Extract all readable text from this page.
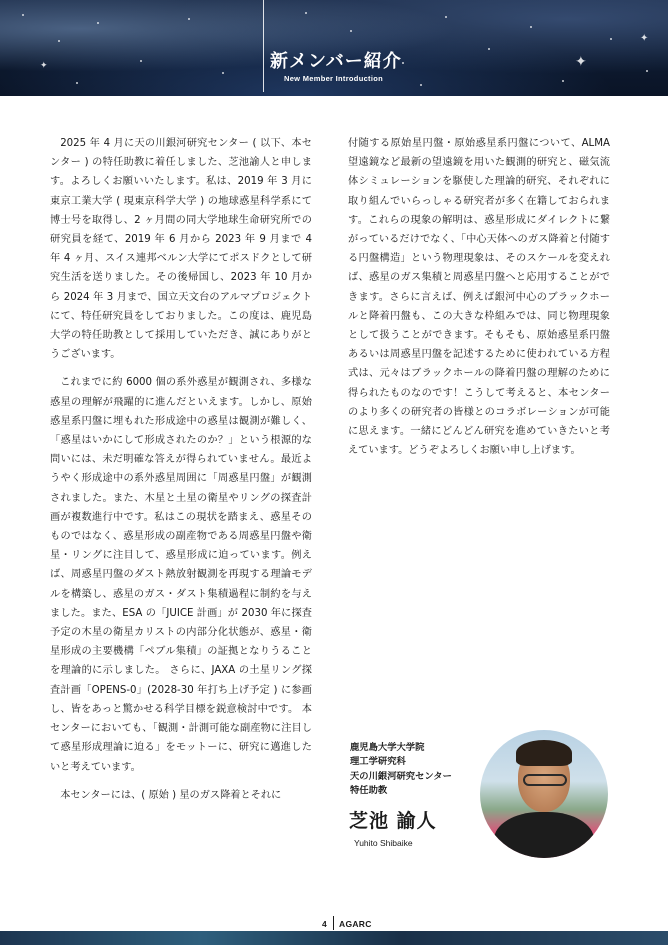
✦
✦
✦	新メンバー紹介
New Member Introduction

2025 年 4 月に天の川銀河研究センター ( 以下、本センター ) の特任助教に着任しました、芝池諭人と申します。よろしくお願いいたします。私は、2019 年 3 月に東京工業大学 ( 現東京科学大学 ) の地球惑星科学系にて博士号を取得し、2 ヶ月間の同大学地球生命研究所での研究員を経て、2019 年 6 月から 2023 年 9 月まで 4 年 4 ヶ月、スイス連邦ベルン大学にてポスドクとして研究生活を送りました。その後帰国し、2023 年 10 月から 2024 年 3 月まで、国立天文台のアルマプロジェクトにて、特任研究員をしておりました。この度は、鹿児島大学の特任助教として採用していただき、誠にありがとうございます。

これまでに約 6000 個の系外惑星が観測され、多様な惑星の理解が飛躍的に進んだといえます。しかし、原始惑星系円盤に埋もれた形成途中の惑星は観測が難しく、「惑星はいかにして形成されたのか？」という根源的な問いには、未だ明確な答えが得られていません。最近ようやく形成途中の系外惑星周囲に「周惑星円盤」が観測されました。また、木星と土星の衛星やリングの探査計画が複数進行中です。私はこの現状を踏まえ、惑星そのものではなく、惑星形成の副産物である周惑星円盤や衛星・リングに注目して、惑星形成に迫っています。例えば、周惑星円盤のダスト熱放射観測を再現する理論モデルを構築し、惑星のガス・ダスト集積過程に制約を与えました。また、ESA の「JUICE 計画」が 2030 年に探査予定の木星の衛星カリストの内部分化状態が、惑星・衛星形成の主要機構「ペブル集積」の証拠となりうることを理論的に示しました。 さらに、JAXA の土星リング探査計画「OPENS-0」(2028-30 年打ち上げ予定 ) に参画し、皆をあっと驚かせる科学目標を鋭意検討中です。 本センターにおいても、「観測・計測可能な副産物に注目して惑星形成理論に迫る」をモットーに、研究に邁進したいと考えています。

本センターには、( 原始 ) 星のガス降着とそれに

付随する原始星円盤・原始惑星系円盤について、ALMA 望遠鏡など最新の望遠鏡を用いた観測的研究と、磁気流体シミュレーションを駆使した理論的研究、それぞれに取り組んでいらっしゃる研究者が多く在籍しておられます。これらの現象の解明は、惑星形成にダイレクトに繋がっているだけでなく、｢中心天体へのガス降着と付随する円盤構造」という物理現象は、そのスケールを変えれば、惑星のガス集積と周惑星円盤へと応用することができます。さらに言えば、例えば銀河中心のブラックホールと降着円盤も、この大きな枠組みでは、同じ物理現象として扱うことができます。そもそも、原始惑星系円盤あるいは周惑星円盤を記述するために使われている方程式は、元々はブラックホールの降着円盤の理解のために得られたものなのです！こうして考えると、本センターのより多くの研究者の皆様とのコラボレーションが可能に思えます。一緒にどんどん研究を進めていきたいと考えています。どうぞよろしくお願い申し上げます。

鹿児島大学大学院
理工学研究科
天の川銀河研究センター
特任助教
芝池 諭人
Yuhito Shibaike
4 AGARC
